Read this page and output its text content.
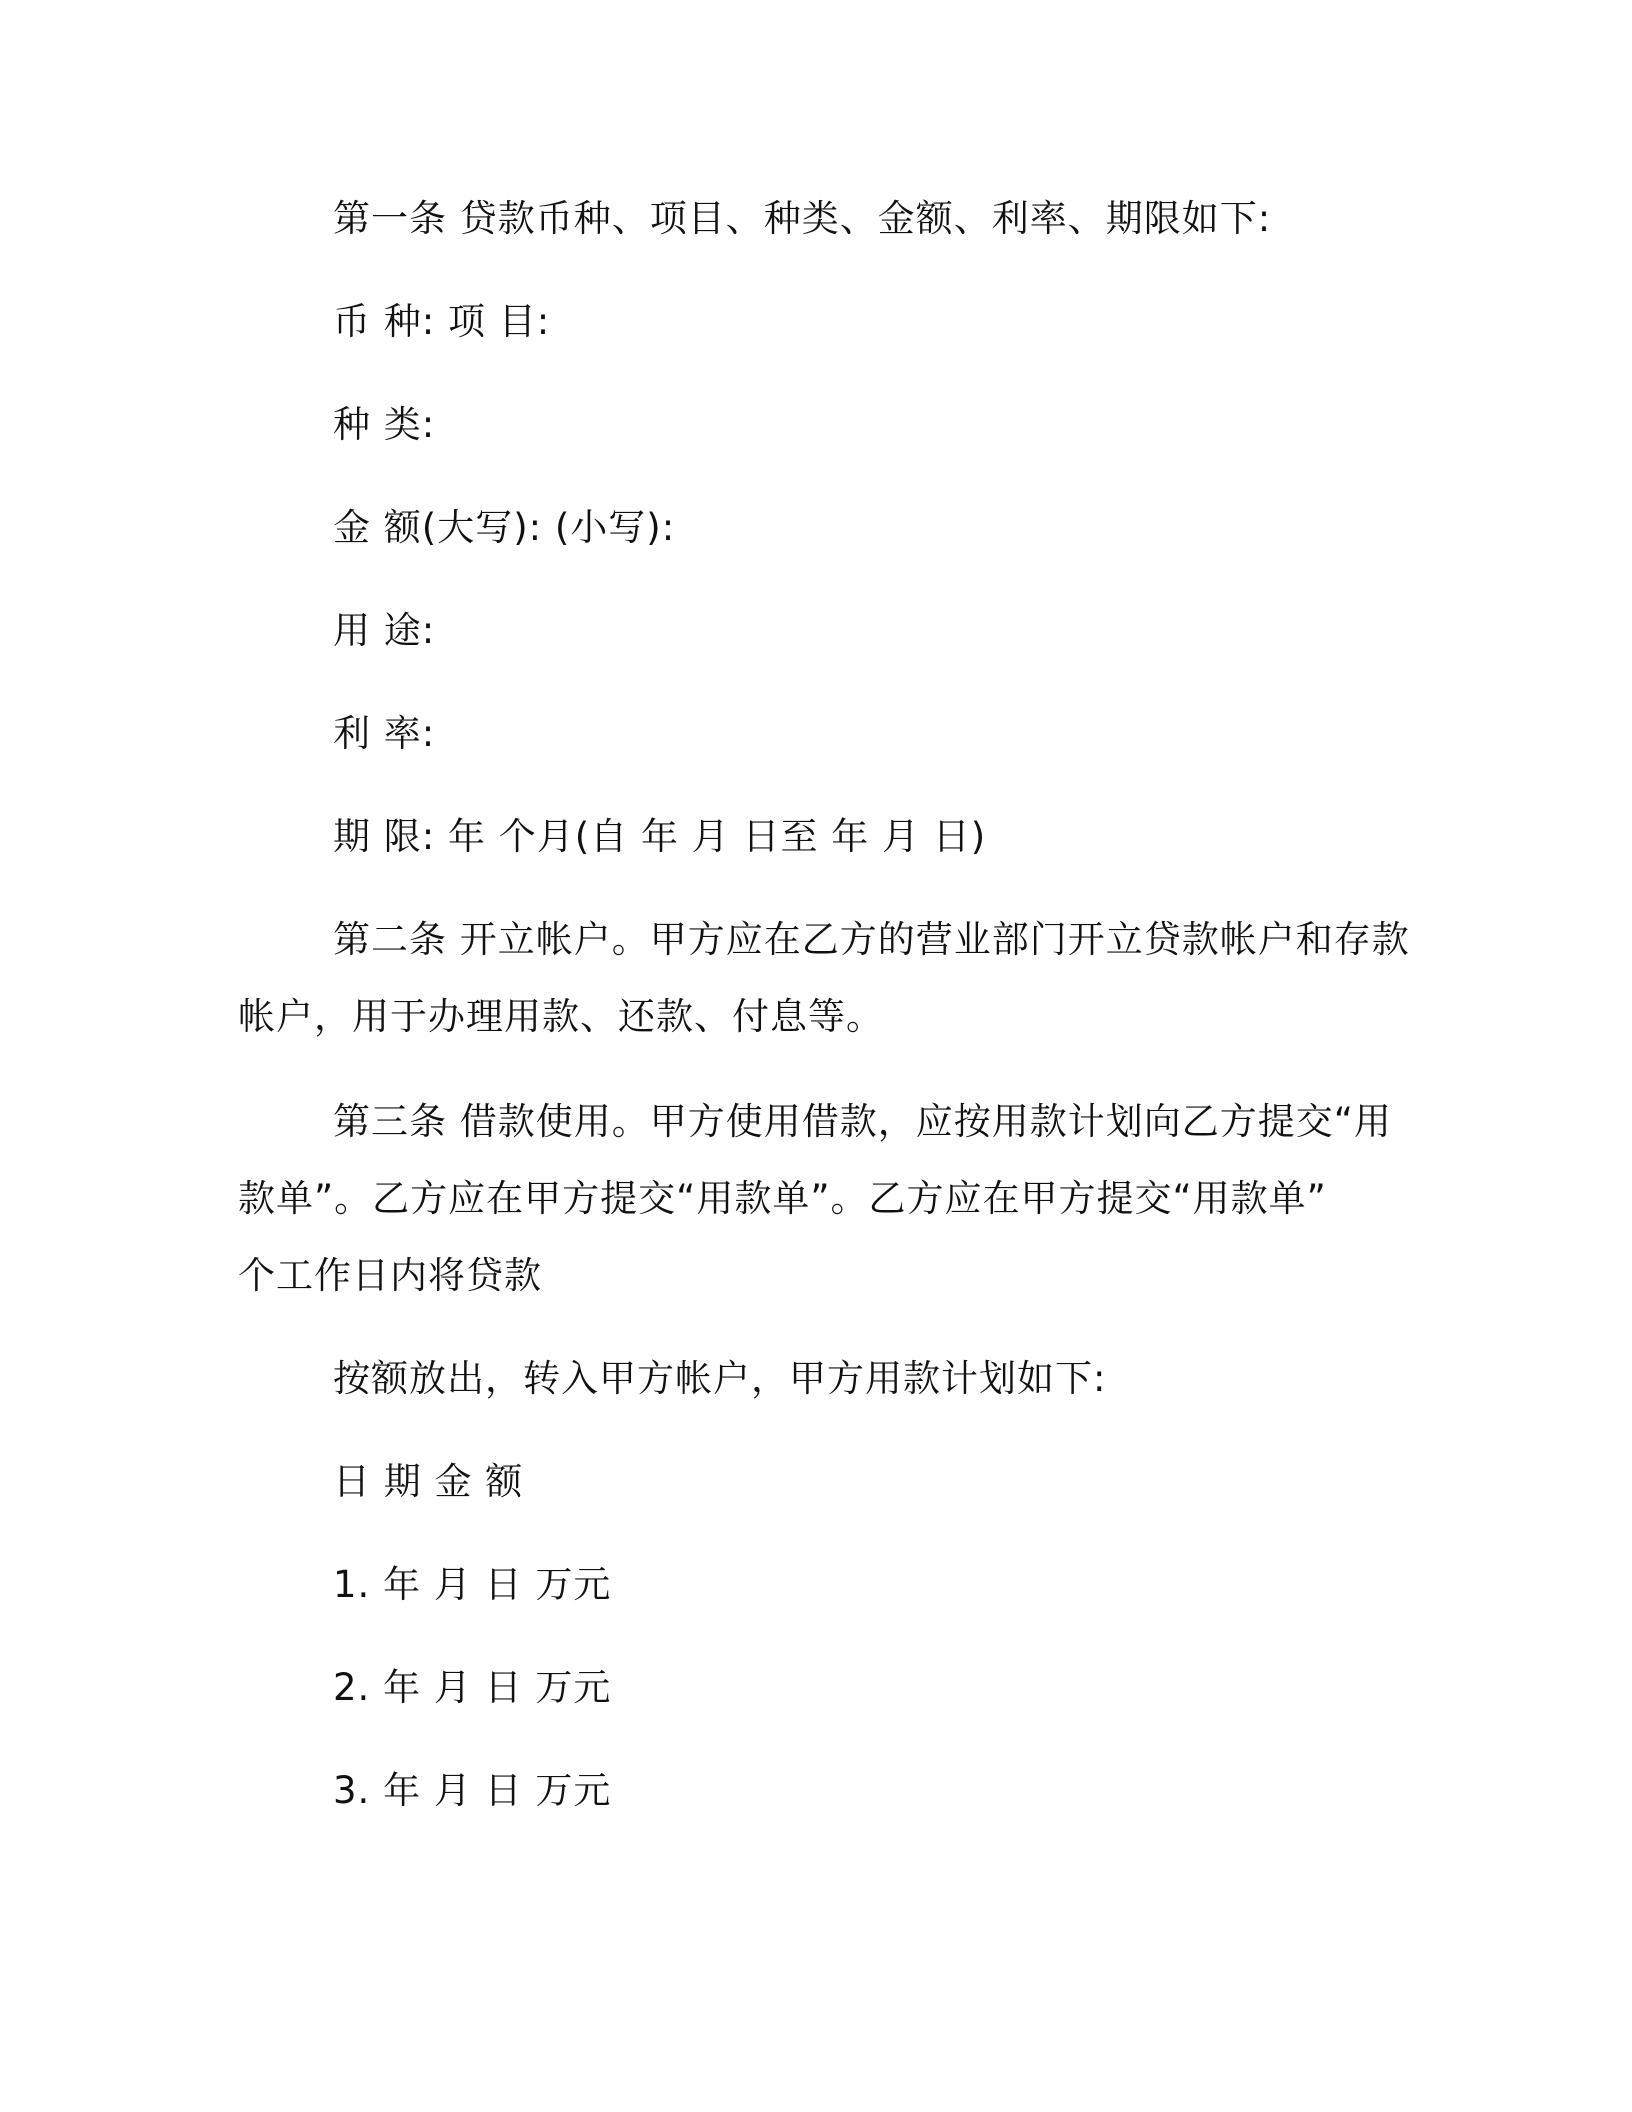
第一条 贷款币种、项目、种类、金额、利率、期限如下:
币 种: 项 目:
种 类:
金 额(大写): (小写):
用 途:
利 率:
期 限: 年 个月(自 年 月 日至 年 月 日)
第二条 开立帐户。甲方应在乙方的营业部门开立贷款帐户和存款
帐户，用于办理用款、还款、付息等。
第三条 借款使用。甲方使用借款，应按用款计划向乙方提交“用
款单”。乙方应在甲方提交“用款单”。乙方应在甲方提交“用款单”
个工作日内将贷款
按额放出，转入甲方帐户，甲方用款计划如下:
日 期 金 额
1. 年 月 日 万元
2. 年 月 日 万元
3. 年 月 日 万元
